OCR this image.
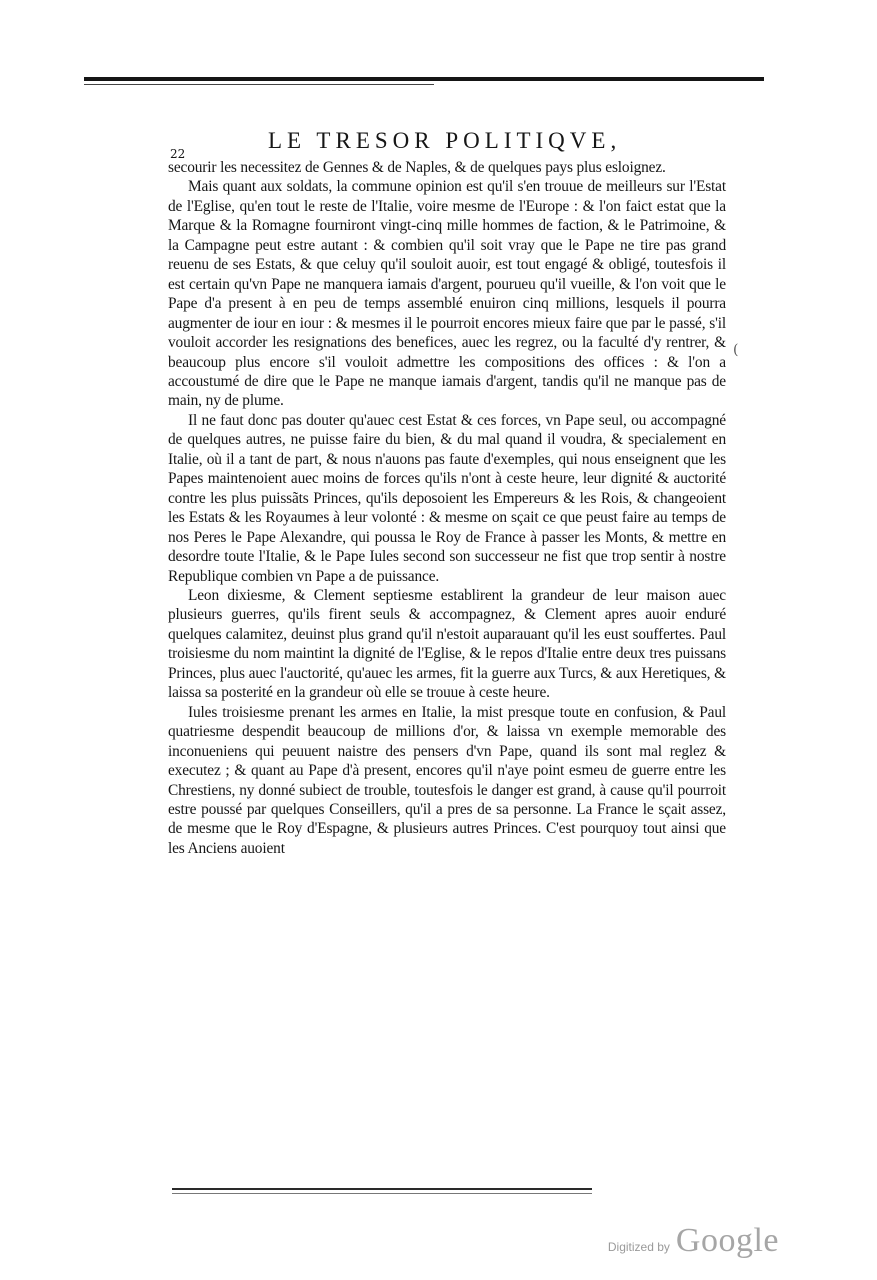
22
LE TRESOR POLITIQVE,
(

secourir les necessitez de Gennes & de Naples, & de quelques pays plus esloignez.

Mais quant aux soldats, la commune opinion est qu'il s'en trouue de meilleurs sur l'Estat de l'Eglise, qu'en tout le reste de l'Italie, voire mesme de l'Europe : & l'on faict estat que la Marque & la Romagne fourniront vingt-cinq mille hommes de faction, & le Patrimoine, & la Campagne peut estre autant : & combien qu'il soit vray que le Pape ne tire pas grand reuenu de ses Estats, & que celuy qu'il souloit auoir, est tout engagé & obligé, toutesfois il est certain qu'vn Pape ne manquera iamais d'argent, pourueu qu'il vueille, & l'on voit que le Pape d'a present à en peu de temps assemblé enuiron cinq millions, lesquels il pourra augmenter de iour en iour : & mesmes il le pourroit encores mieux faire que par le passé, s'il vouloit accorder les resignations des benefices, auec les regrez, ou la faculté d'y rentrer, & beaucoup plus encore s'il vouloit admettre les compositions des offices : & l'on a accoustumé de dire que le Pape ne manque iamais d'argent, tandis qu'il ne manque pas de main, ny de plume.

Il ne faut donc pas douter qu'auec cest Estat & ces forces, vn Pape seul, ou accompagné de quelques autres, ne puisse faire du bien, & du mal quand il voudra, & specialement en Italie, où il a tant de part, & nous n'auons pas faute d'exemples, qui nous enseignent que les Papes maintenoient auec moins de forces qu'ils n'ont à ceste heure, leur dignité & auctorité contre les plus puissãts Princes, qu'ils deposoient les Empereurs & les Rois, & changeoient les Estats & les Royaumes à leur volonté : & mesme on sçait ce que peust faire au temps de nos Peres le Pape Alexandre, qui poussa le Roy de France à passer les Monts, & mettre en desordre toute l'Italie, & le Pape Iules second son successeur ne fist que trop sentir à nostre Republique combien vn Pape a de puissance.

Leon dixiesme, & Clement septiesme establirent la grandeur de leur maison auec plusieurs guerres, qu'ils firent seuls & accompagnez, & Clement apres auoir enduré quelques calamitez, deuinst plus grand qu'il n'estoit auparauant qu'il les eust souffertes. Paul troisiesme du nom maintint la dignité de l'Eglise, & le repos d'Italie entre deux tres puissans Princes, plus auec l'auctorité, qu'auec les armes, fit la guerre aux Turcs, & aux Heretiques, & laissa sa posterité en la grandeur où elle se trouue à ceste heure.

Iules troisiesme prenant les armes en Italie, la mist presque toute en confusion, & Paul quatriesme despendit beaucoup de millions d'or, & laissa vn exemple memorable des inconueniens qui peuuent naistre des pensers d'vn Pape, quand ils sont mal reglez & executez ; & quant au Pape d'à present, encores qu'il n'aye point esmeu de guerre entre les Chrestiens, ny donné subiect de trouble, toutesfois le danger est grand, à cause qu'il pourroit estre poussé par quelques Conseillers, qu'il a pres de sa personne. La France le sçait assez, de mesme que le Roy d'Espagne, & plusieurs autres Princes. C'est pourquoy tout ainsi que les Anciens auoient

Digitized by Google
